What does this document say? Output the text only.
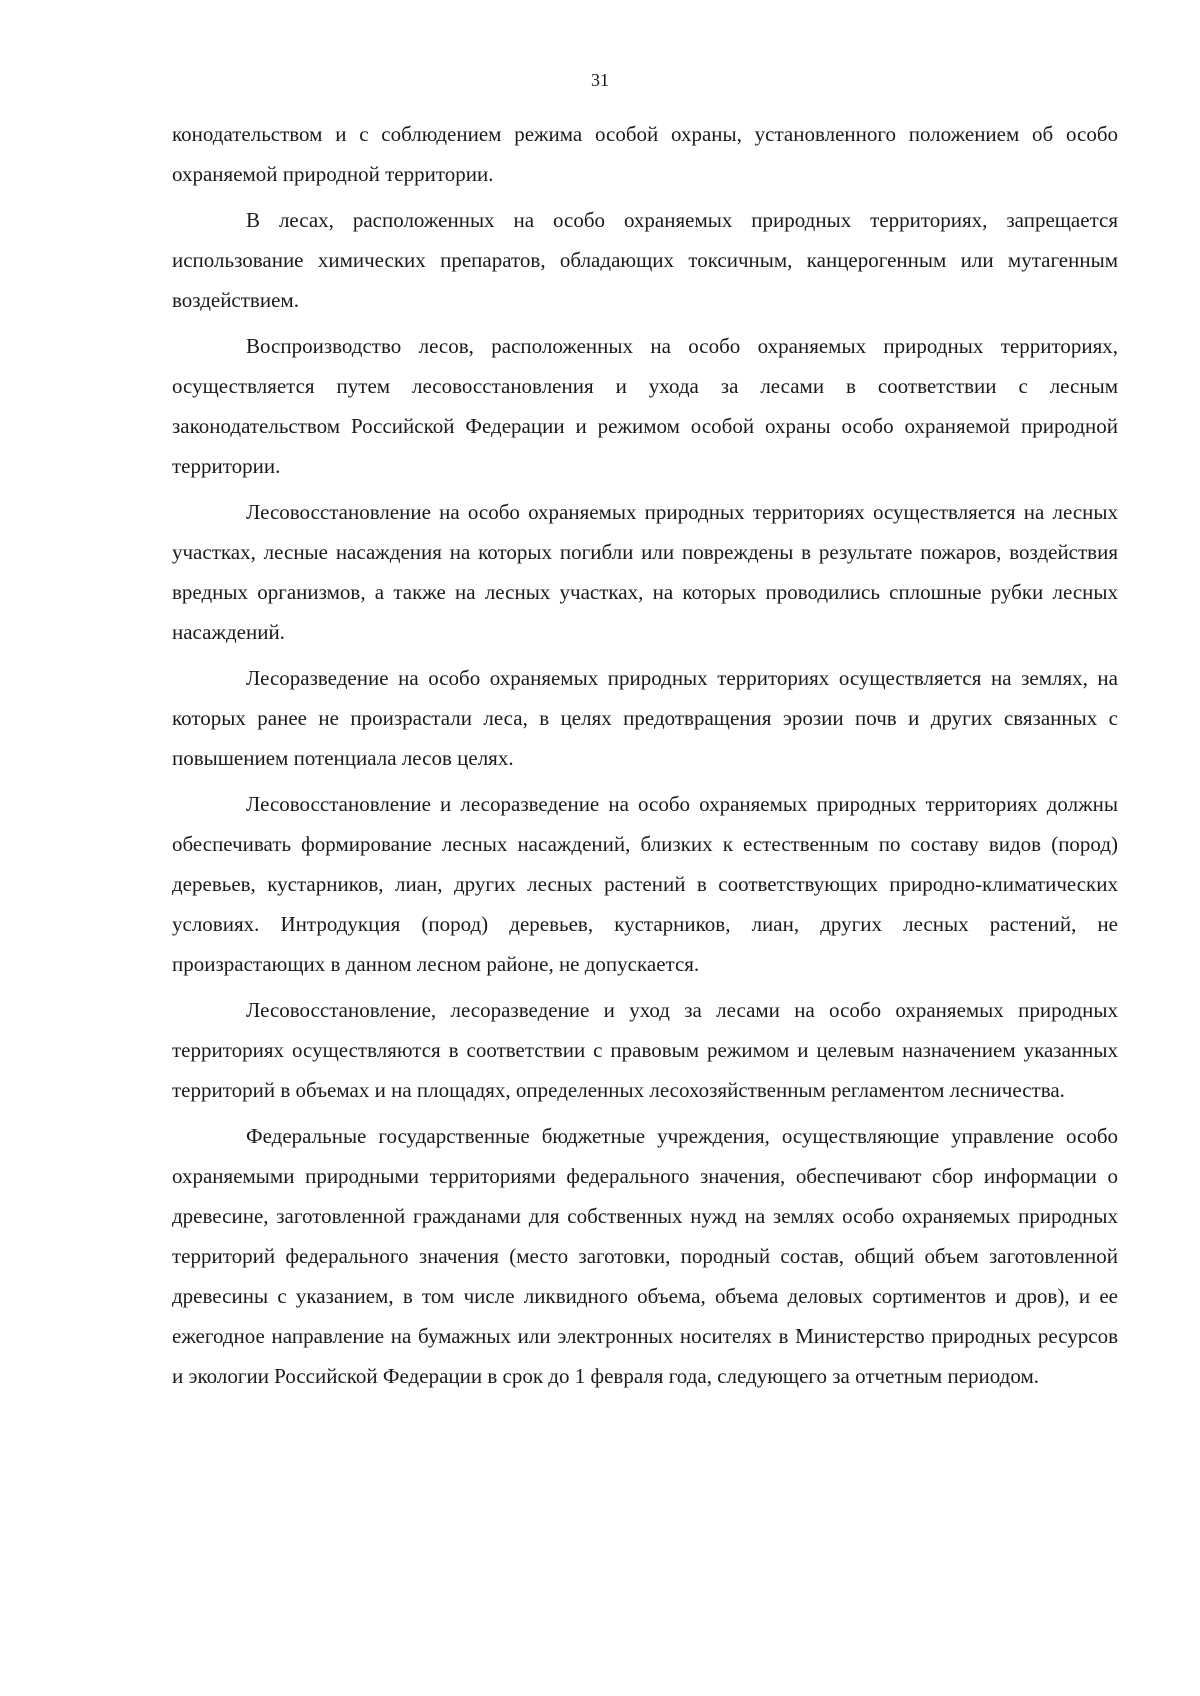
31

конодательством и с соблюдением режима особой охраны, установленного положением об особо охраняемой природной территории.

В лесах, расположенных на особо охраняемых природных территориях, запрещается использование химических препаратов, обладающих токсичным, канцерогенным или мутагенным воздействием.

Воспроизводство лесов, расположенных на особо охраняемых природных территориях, осуществляется путем лесовосстановления и ухода за лесами в соответствии с лесным законодательством Российской Федерации и режимом особой охраны особо охраняемой природной территории.

Лесовосстановление на особо охраняемых природных территориях осуществляется на лесных участках, лесные насаждения на которых погибли или повреждены в результате пожаров, воздействия вредных организмов, а также на лесных участках, на которых проводились сплошные рубки лесных насаждений.

Лесоразведение на особо охраняемых природных территориях осуществляется на землях, на которых ранее не произрастали леса, в целях предотвращения эрозии почв и других связанных с повышением потенциала лесов целях.

Лесовосстановление и лесоразведение на особо охраняемых природных территориях должны обеспечивать формирование лесных насаждений, близких к естественным по составу видов (пород) деревьев, кустарников, лиан, других лесных растений в соответствующих природно-климатических условиях. Интродукция (пород) деревьев, кустарников, лиан, других лесных растений, не произрастающих в данном лесном районе, не допускается.

Лесовосстановление, лесоразведение и уход за лесами на особо охраняемых природных территориях осуществляются в соответствии с правовым режимом и целевым назначением указанных территорий в объемах и на площадях, определенных лесохозяйственным регламентом лесничества.

Федеральные государственные бюджетные учреждения, осуществляющие управление особо охраняемыми природными территориями федерального значения, обеспечивают сбор информации о древесине, заготовленной гражданами для собственных нужд на землях особо охраняемых природных территорий федерального значения (место заготовки, породный состав, общий объем заготовленной древесины с указанием, в том числе ликвидного объема, объема деловых сортиментов и дров), и ее ежегодное направление на бумажных или электронных носителях в Министерство природных ресурсов и экологии Российской Федерации в срок до 1 февраля года, следующего за отчетным периодом.
